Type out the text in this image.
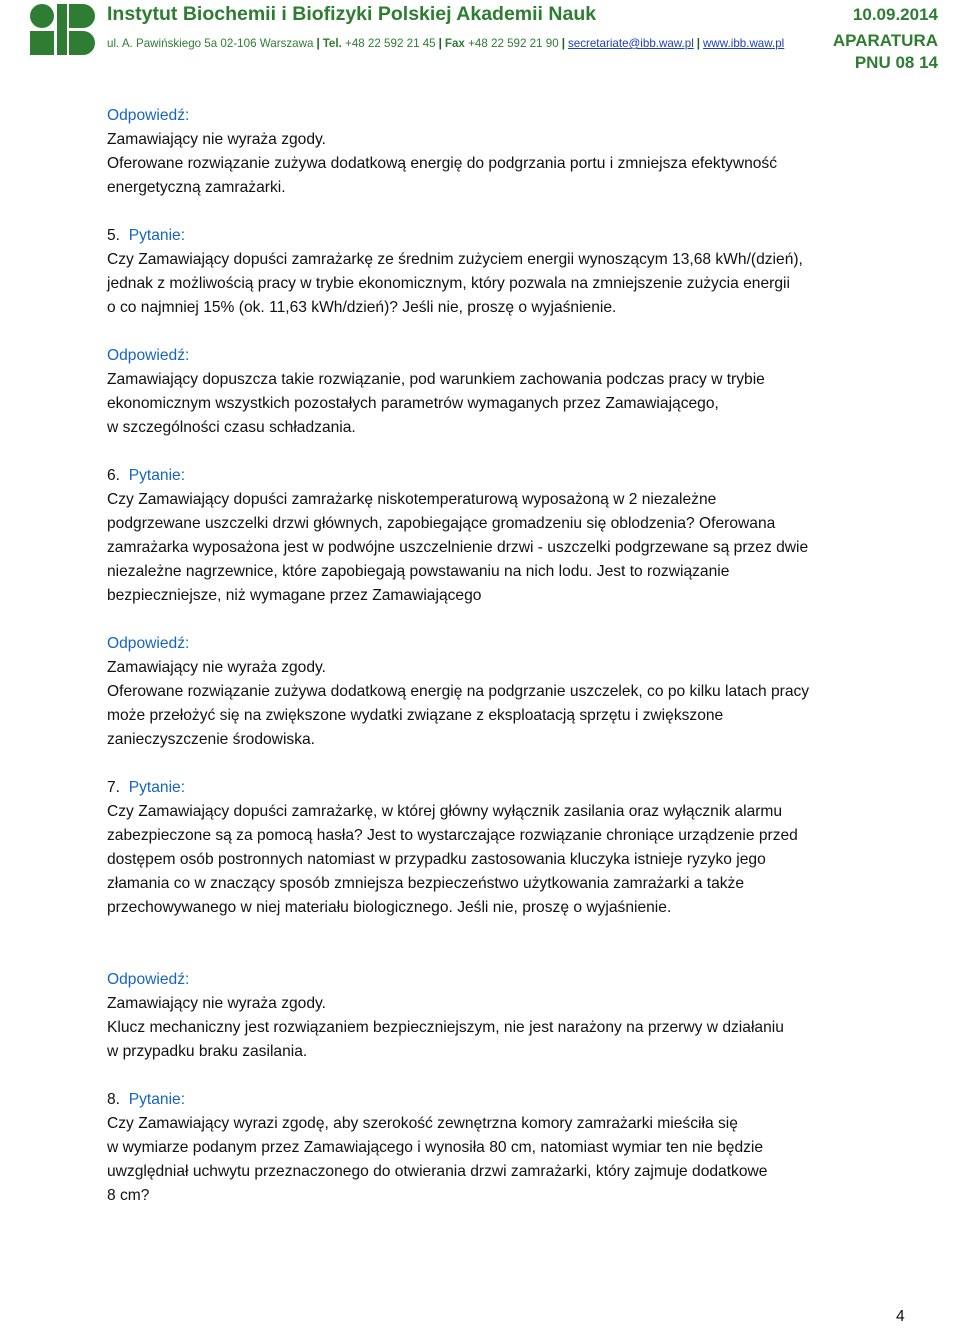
Instytut Biochemii i Biofizyki Polskiej Akademii Nauk
ul. A. Pawińskiego 5a 02-106 Warszawa | Tel. +48 22 592 21 45 | Fax +48 22 592 21 90 | secretariate@ibb.waw.pl | www.ibb.waw.pl
10.09.2014
APARATURA
PNU 08 14

Odpowiedź:

Zamawiający nie wyraża zgody.

Oferowane rozwiązanie zużywa dodatkową energię do podgrzania portu i zmniejsza efektywność

energetyczną zamrażarki.

5. Pytanie:

Czy Zamawiający dopuści zamrażarkę ze średnim zużyciem energii wynoszącym 13,68 kWh/(dzień),

jednak z możliwością pracy w trybie ekonomicznym, który pozwala na zmniejszenie zużycia energii

o co najmniej 15% (ok. 11,63 kWh/dzień)? Jeśli nie, proszę o wyjaśnienie.

Odpowiedź:

Zamawiający dopuszcza takie rozwiązanie, pod warunkiem zachowania podczas pracy w trybie

ekonomicznym wszystkich pozostałych parametrów wymaganych przez Zamawiającego,

w szczególności czasu schładzania.

6. Pytanie:

Czy Zamawiający dopuści zamrażarkę niskotemperaturową wyposażoną w 2 niezależne

podgrzewane uszczelki drzwi głównych, zapobiegające gromadzeniu się oblodzenia? Oferowana

zamrażarka wyposażona jest w podwójne uszczelnienie drzwi - uszczelki podgrzewane są przez dwie

niezależne nagrzewnice, które zapobiegają powstawaniu na nich lodu. Jest to rozwiązanie

bezpieczniejsze, niż wymagane przez Zamawiającego

Odpowiedź:

Zamawiający nie wyraża zgody.

Oferowane rozwiązanie zużywa dodatkową energię na podgrzanie uszczelek, co po kilku latach pracy

może przełożyć się na zwiększone wydatki związane z eksploatacją sprzętu i zwiększone

zanieczyszczenie środowiska.

7. Pytanie:

Czy Zamawiający dopuści zamrażarkę, w której główny wyłącznik zasilania oraz wyłącznik alarmu

zabezpieczone są za pomocą hasła? Jest to wystarczające rozwiązanie chroniące urządzenie przed

dostępem osób postronnych natomiast w przypadku zastosowania kluczyka istnieje ryzyko jego

złamania co w znaczący sposób zmniejsza bezpieczeństwo użytkowania zamrażarki a także

przechowywanego w niej materiału biologicznego. Jeśli nie, proszę o wyjaśnienie.

Odpowiedź:

Zamawiający nie wyraża zgody.

Klucz mechaniczny jest rozwiązaniem bezpieczniejszym, nie jest narażony na przerwy w działaniu

w przypadku braku zasilania.

8. Pytanie:

Czy Zamawiający wyrazi zgodę, aby szerokość zewnętrzna komory zamrażarki mieściła się

w wymiarze podanym przez Zamawiającego i wynosiła 80 cm, natomiast wymiar ten nie będzie

uwzględniał uchwytu przeznaczonego do otwierania drzwi zamrażarki, który zajmuje dodatkowe

8 cm?

4
